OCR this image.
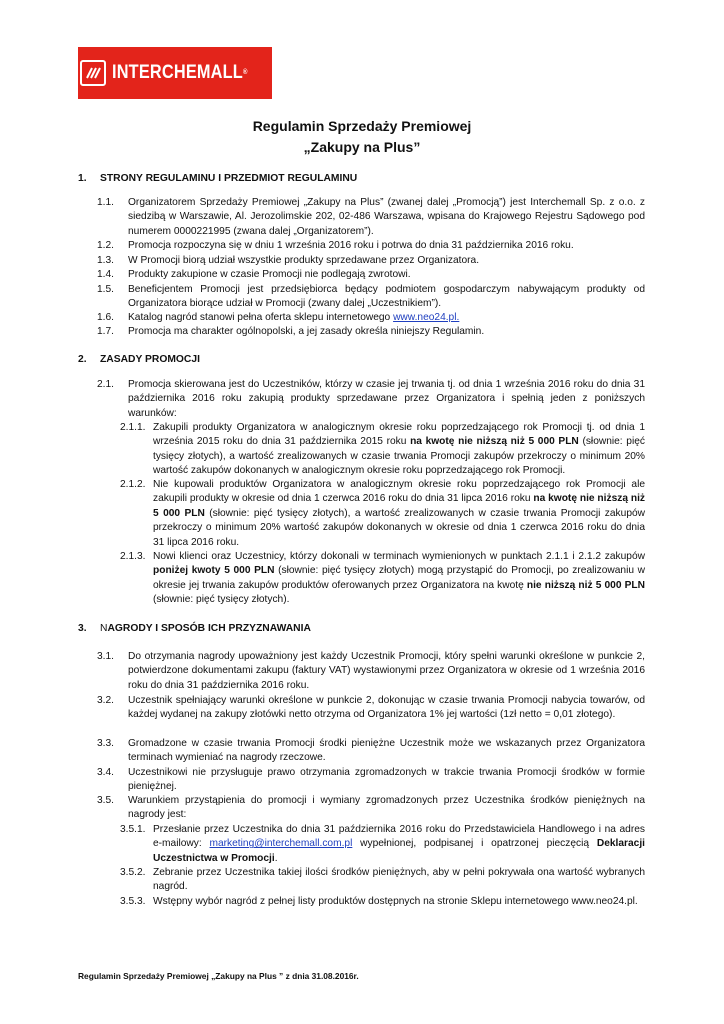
INTERCHEMALL®
Regulamin Sprzedaży Premiowej
„Zakupy na Plus”
1. STRONY REGULAMINU I PRZEDMIOT REGULAMINU
1.1. Organizatorem Sprzedaży Premiowej „Zakupy na Plus” (zwanej dalej „Promocją”) jest Interchemall Sp. z o.o. z siedzibą w Warszawie, Al. Jerozolimskie 202, 02-486 Warszawa, wpisana do Krajowego Rejestru Sądowego pod numerem 0000221995 (zwana dalej „Organizatorem”).
1.2. Promocja rozpoczyna się w dniu 1 września 2016 roku i potrwa do dnia 31 października 2016 roku.
1.3. W Promocji biorą udział wszystkie produkty sprzedawane przez Organizatora.
1.4. Produkty zakupione w czasie Promocji nie podlegają zwrotowi.
1.5. Beneficjentem Promocji jest przedsiębiorca będący podmiotem gospodarczym nabywającym produkty od Organizatora biorące udział w Promocji (zwany dalej „Uczestnikiem”).
1.6. Katalog nagród stanowi pełna oferta sklepu internetowego www.neo24.pl.
1.7. Promocja ma charakter ogólnopolski, a jej zasady określa niniejszy Regulamin.
2. ZASADY PROMOCJI
2.1. Promocja skierowana jest do Uczestników, którzy w czasie jej trwania tj. od dnia 1 września 2016 roku do dnia 31 października 2016 roku zakupią produkty sprzedawane przez Organizatora i spełnią jeden z poniższych warunków:
2.1.1. Zakupili produkty Organizatora w analogicznym okresie roku poprzedzającego rok Promocji tj. od dnia 1 września 2015 roku do dnia 31 października 2015 roku na kwotę nie niższą niż 5 000 PLN (słownie: pięć tysięcy złotych), a wartość zrealizowanych w czasie trwania Promocji zakupów przekroczy o minimum 20% wartość zakupów dokonanych w analogicznym okresie roku poprzedzającego rok Promocji.
2.1.2. Nie kupowali produktów Organizatora w analogicznym okresie roku poprzedzającego rok Promocji ale zakupili produkty w okresie od dnia 1 czerwca 2016 roku do dnia 31 lipca 2016 roku na kwotę nie niższą niż 5 000 PLN (słownie: pięć tysięcy złotych), a wartość zrealizowanych w czasie trwania Promocji zakupów przekroczy o minimum 20% wartość zakupów dokonanych w okresie od dnia 1 czerwca 2016 roku do dnia 31 lipca 2016 roku.
2.1.3. Nowi klienci oraz Uczestnicy, którzy dokonali w terminach wymienionych w punktach 2.1.1 i 2.1.2 zakupów poniżej kwoty 5 000 PLN (słownie: pięć tysięcy złotych) mogą przystąpić do Promocji, po zrealizowaniu w okresie jej trwania zakupów produktów oferowanych przez Organizatora na kwotę nie niższą niż 5 000 PLN (słownie: pięć tysięcy złotych).
3. NAGRODY I SPOSÓB ICH PRZYZNAWANIA
3.1. Do otrzymania nagrody upoważniony jest każdy Uczestnik Promocji, który spełni warunki określone w punkcie 2, potwierdzone dokumentami zakupu (faktury VAT) wystawionymi przez Organizatora w okresie od 1 września 2016 roku do dnia 31 października 2016 roku.
3.2. Uczestnik spełniający warunki określone w punkcie 2, dokonując w czasie trwania Promocji nabycia towarów, od każdej wydanej na zakupy złotówki netto otrzyma od Organizatora 1% jej wartości (1zł netto = 0,01 złotego).
3.3. Gromadzone w czasie trwania Promocji środki pieniężne Uczestnik może we wskazanych przez Organizatora terminach wymieniać na nagrody rzeczowe.
3.4. Uczestnikowi nie przysługuje prawo otrzymania zgromadzonych w trakcie trwania Promocji środków w formie pieniężnej.
3.5. Warunkiem przystąpienia do promocji i wymiany zgromadzonych przez Uczestnika środków pieniężnych na nagrody jest:
3.5.1. Przesłanie przez Uczestnika do dnia 31 października 2016 roku do Przedstawiciela Handlowego i na adres e-mailowy: marketing@interchemall.com.pl wypełnionej, podpisanej i opatrzonej pieczęcią Deklaracji Uczestnictwa w Promocji.
3.5.2. Zebranie przez Uczestnika takiej ilości środków pieniężnych, aby w pełni pokrywała ona wartość wybranych nagród.
3.5.3. Wstępny wybór nagród z pełnej listy produktów dostępnych na stronie Sklepu internetowego www.neo24.pl.
Regulamin Sprzedaży Premiowej „Zakupy na Plus ” z dnia 31.08.2016r.
